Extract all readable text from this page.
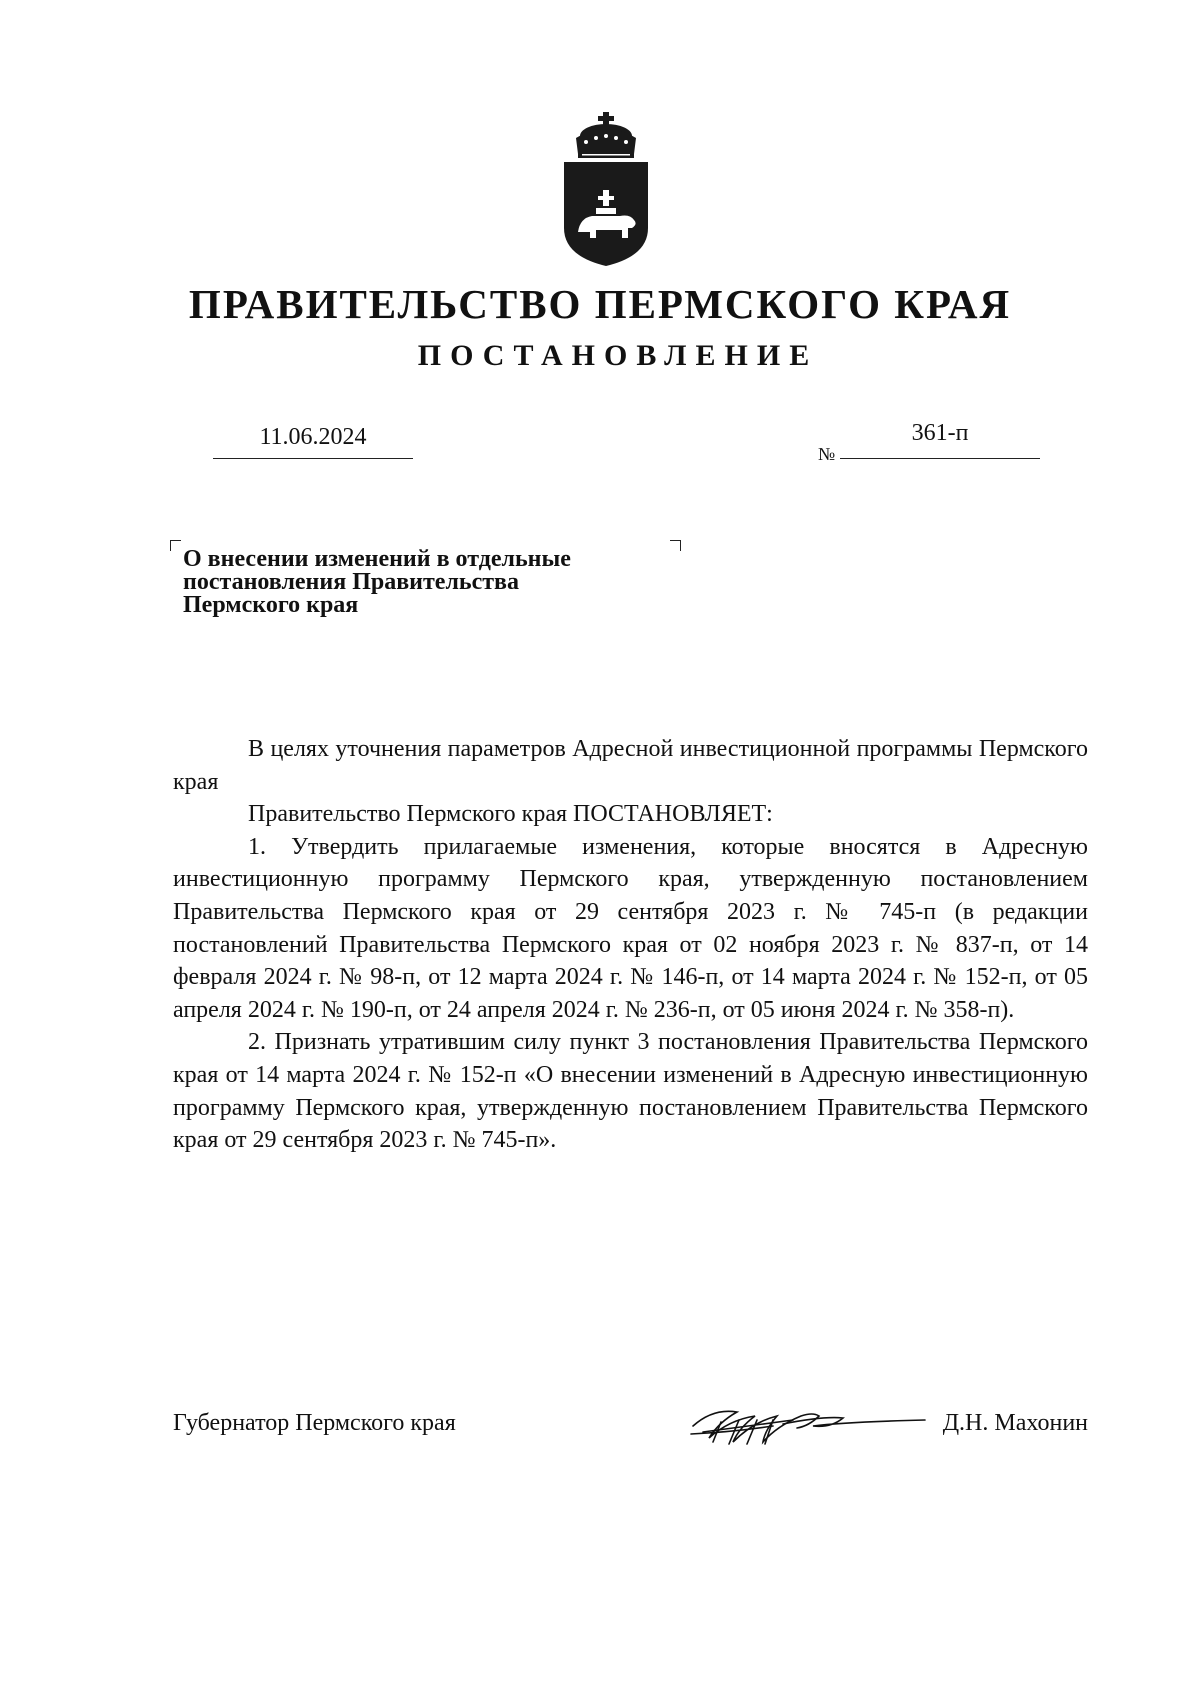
ПРАВИТЕЛЬСТВО ПЕРМСКОГО КРАЯ
ПОСТАНОВЛЕНИЕ
11.06.2024
№
361-п
О внесении изменений в отдельные
постановления Правительства
Пермского края

В целях уточнения параметров Адресной инвестиционной программы Пермского края

Правительство Пермского края ПОСТАНОВЛЯЕТ:

1. Утвердить прилагаемые изменения, которые вносятся в Адресную инвестиционную программу Пермского края, утвержденную постановлением Правительства Пермского края от 29 сентября 2023 г. № 745-п (в редакции постановлений Правительства Пермского края от 02 ноября 2023 г. № 837-п, от 14 февраля 2024 г. № 98-п, от 12 марта 2024 г. № 146-п, от 14 марта 2024 г. № 152-п, от 05 апреля 2024 г. № 190-п, от 24 апреля 2024 г. № 236-п, от 05 июня 2024 г. № 358-п).

2. Признать утратившим силу пункт 3 постановления Правительства Пермского края от 14 марта 2024 г. № 152-п «О внесении изменений в Адресную инвестиционную программу Пермского края, утвержденную постановлением Правительства Пермского края от 29 сентября 2023 г. № 745-п».

Губернатор Пермского края	Д.Н. Махонин
